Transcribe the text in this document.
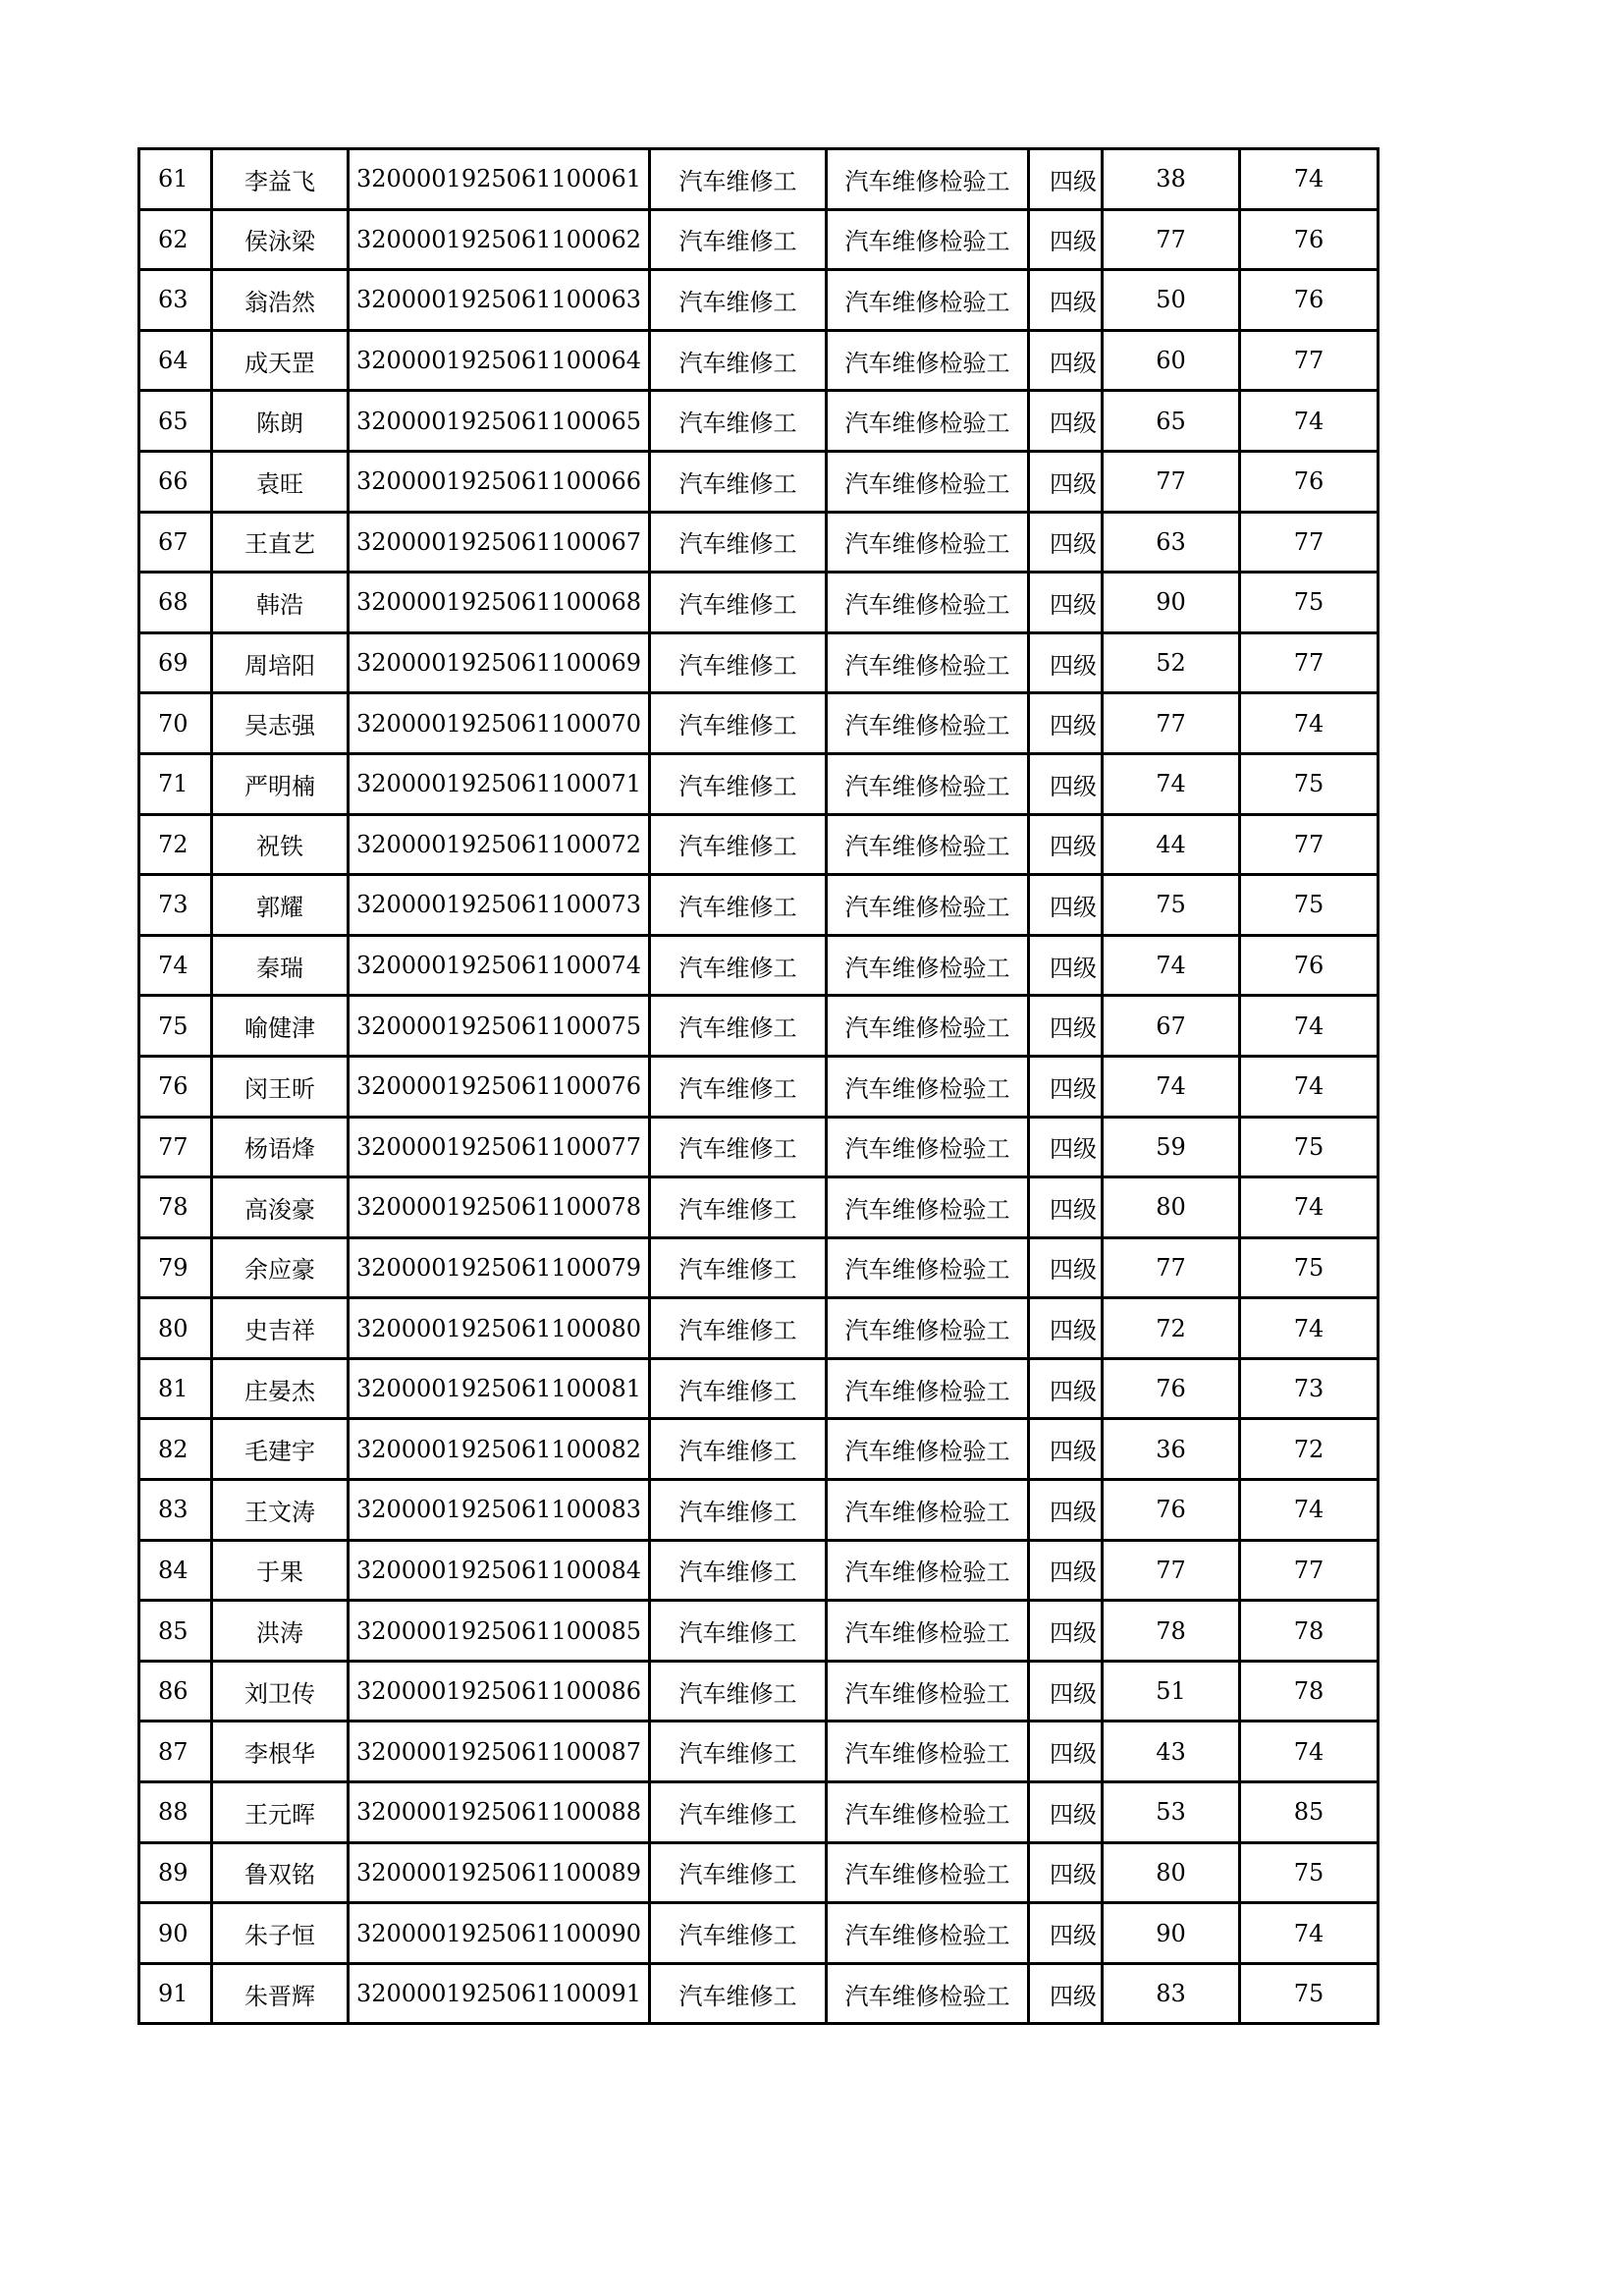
61	李益飞	3200001925061100061	汽车维修工	汽车维修检验工	四级	38	74
62	侯泳梁	3200001925061100062	汽车维修工	汽车维修检验工	四级	77	76
63	翁浩然	3200001925061100063	汽车维修工	汽车维修检验工	四级	50	76
64	成天罡	3200001925061100064	汽车维修工	汽车维修检验工	四级	60	77
65	陈朗	3200001925061100065	汽车维修工	汽车维修检验工	四级	65	74
66	袁旺	3200001925061100066	汽车维修工	汽车维修检验工	四级	77	76
67	王直艺	3200001925061100067	汽车维修工	汽车维修检验工	四级	63	77
68	韩浩	3200001925061100068	汽车维修工	汽车维修检验工	四级	90	75
69	周培阳	3200001925061100069	汽车维修工	汽车维修检验工	四级	52	77
70	吴志强	3200001925061100070	汽车维修工	汽车维修检验工	四级	77	74
71	严明楠	3200001925061100071	汽车维修工	汽车维修检验工	四级	74	75
72	祝铁	3200001925061100072	汽车维修工	汽车维修检验工	四级	44	77
73	郭耀	3200001925061100073	汽车维修工	汽车维修检验工	四级	75	75
74	秦瑞	3200001925061100074	汽车维修工	汽车维修检验工	四级	74	76
75	喻健津	3200001925061100075	汽车维修工	汽车维修检验工	四级	67	74
76	闵王昕	3200001925061100076	汽车维修工	汽车维修检验工	四级	74	74
77	杨语烽	3200001925061100077	汽车维修工	汽车维修检验工	四级	59	75
78	高浚豪	3200001925061100078	汽车维修工	汽车维修检验工	四级	80	74
79	余应豪	3200001925061100079	汽车维修工	汽车维修检验工	四级	77	75
80	史吉祥	3200001925061100080	汽车维修工	汽车维修检验工	四级	72	74
81	庄晏杰	3200001925061100081	汽车维修工	汽车维修检验工	四级	76	73
82	毛建宇	3200001925061100082	汽车维修工	汽车维修检验工	四级	36	72
83	王文涛	3200001925061100083	汽车维修工	汽车维修检验工	四级	76	74
84	于果	3200001925061100084	汽车维修工	汽车维修检验工	四级	77	77
85	洪涛	3200001925061100085	汽车维修工	汽车维修检验工	四级	78	78
86	刘卫传	3200001925061100086	汽车维修工	汽车维修检验工	四级	51	78
87	李根华	3200001925061100087	汽车维修工	汽车维修检验工	四级	43	74
88	王元晖	3200001925061100088	汽车维修工	汽车维修检验工	四级	53	85
89	鲁双铭	3200001925061100089	汽车维修工	汽车维修检验工	四级	80	75
90	朱子恒	3200001925061100090	汽车维修工	汽车维修检验工	四级	90	74
91	朱晋辉	3200001925061100091	汽车维修工	汽车维修检验工	四级	83	75
